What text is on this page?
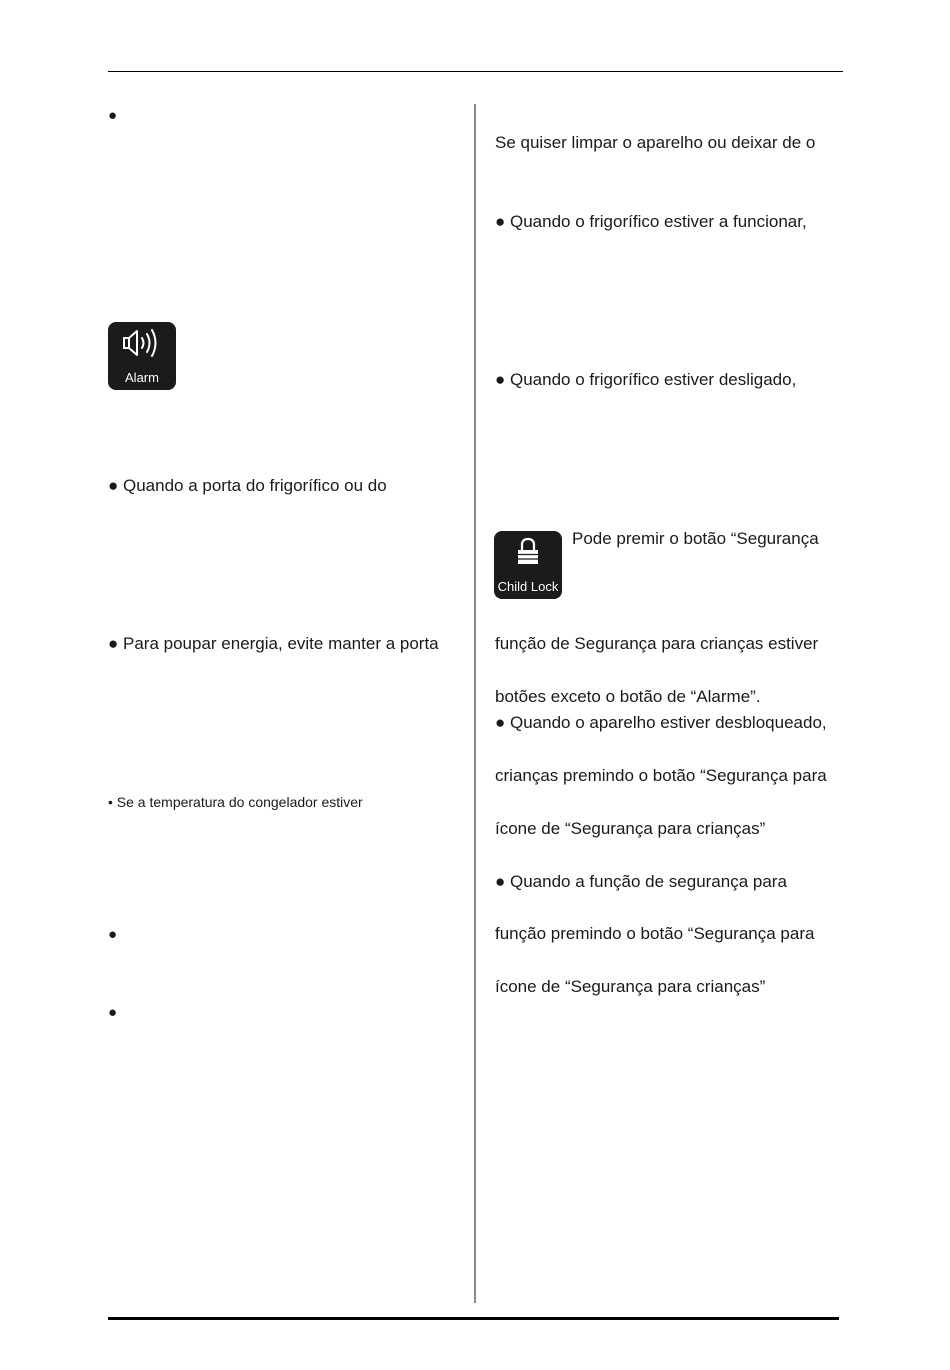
●
Alarm
● Quando a porta do frigorífico ou do
● Para poupar energia, evite manter a porta
• Se a temperatura do congelador estiver
●
●
Se quiser limpar o aparelho ou deixar de o
● Quando o frigorífico estiver a funcionar,
● Quando o frigorífico estiver desligado,
Child Lock
Pode premir o botão “Segurança
função de Segurança para crianças estiver
botões exceto o botão de “Alarme”.
● Quando o aparelho estiver desbloqueado,
crianças premindo o botão “Segurança para
ícone de “Segurança para crianças”
● Quando a função de segurança para
função premindo o botão “Segurança para
ícone de “Segurança para crianças”
